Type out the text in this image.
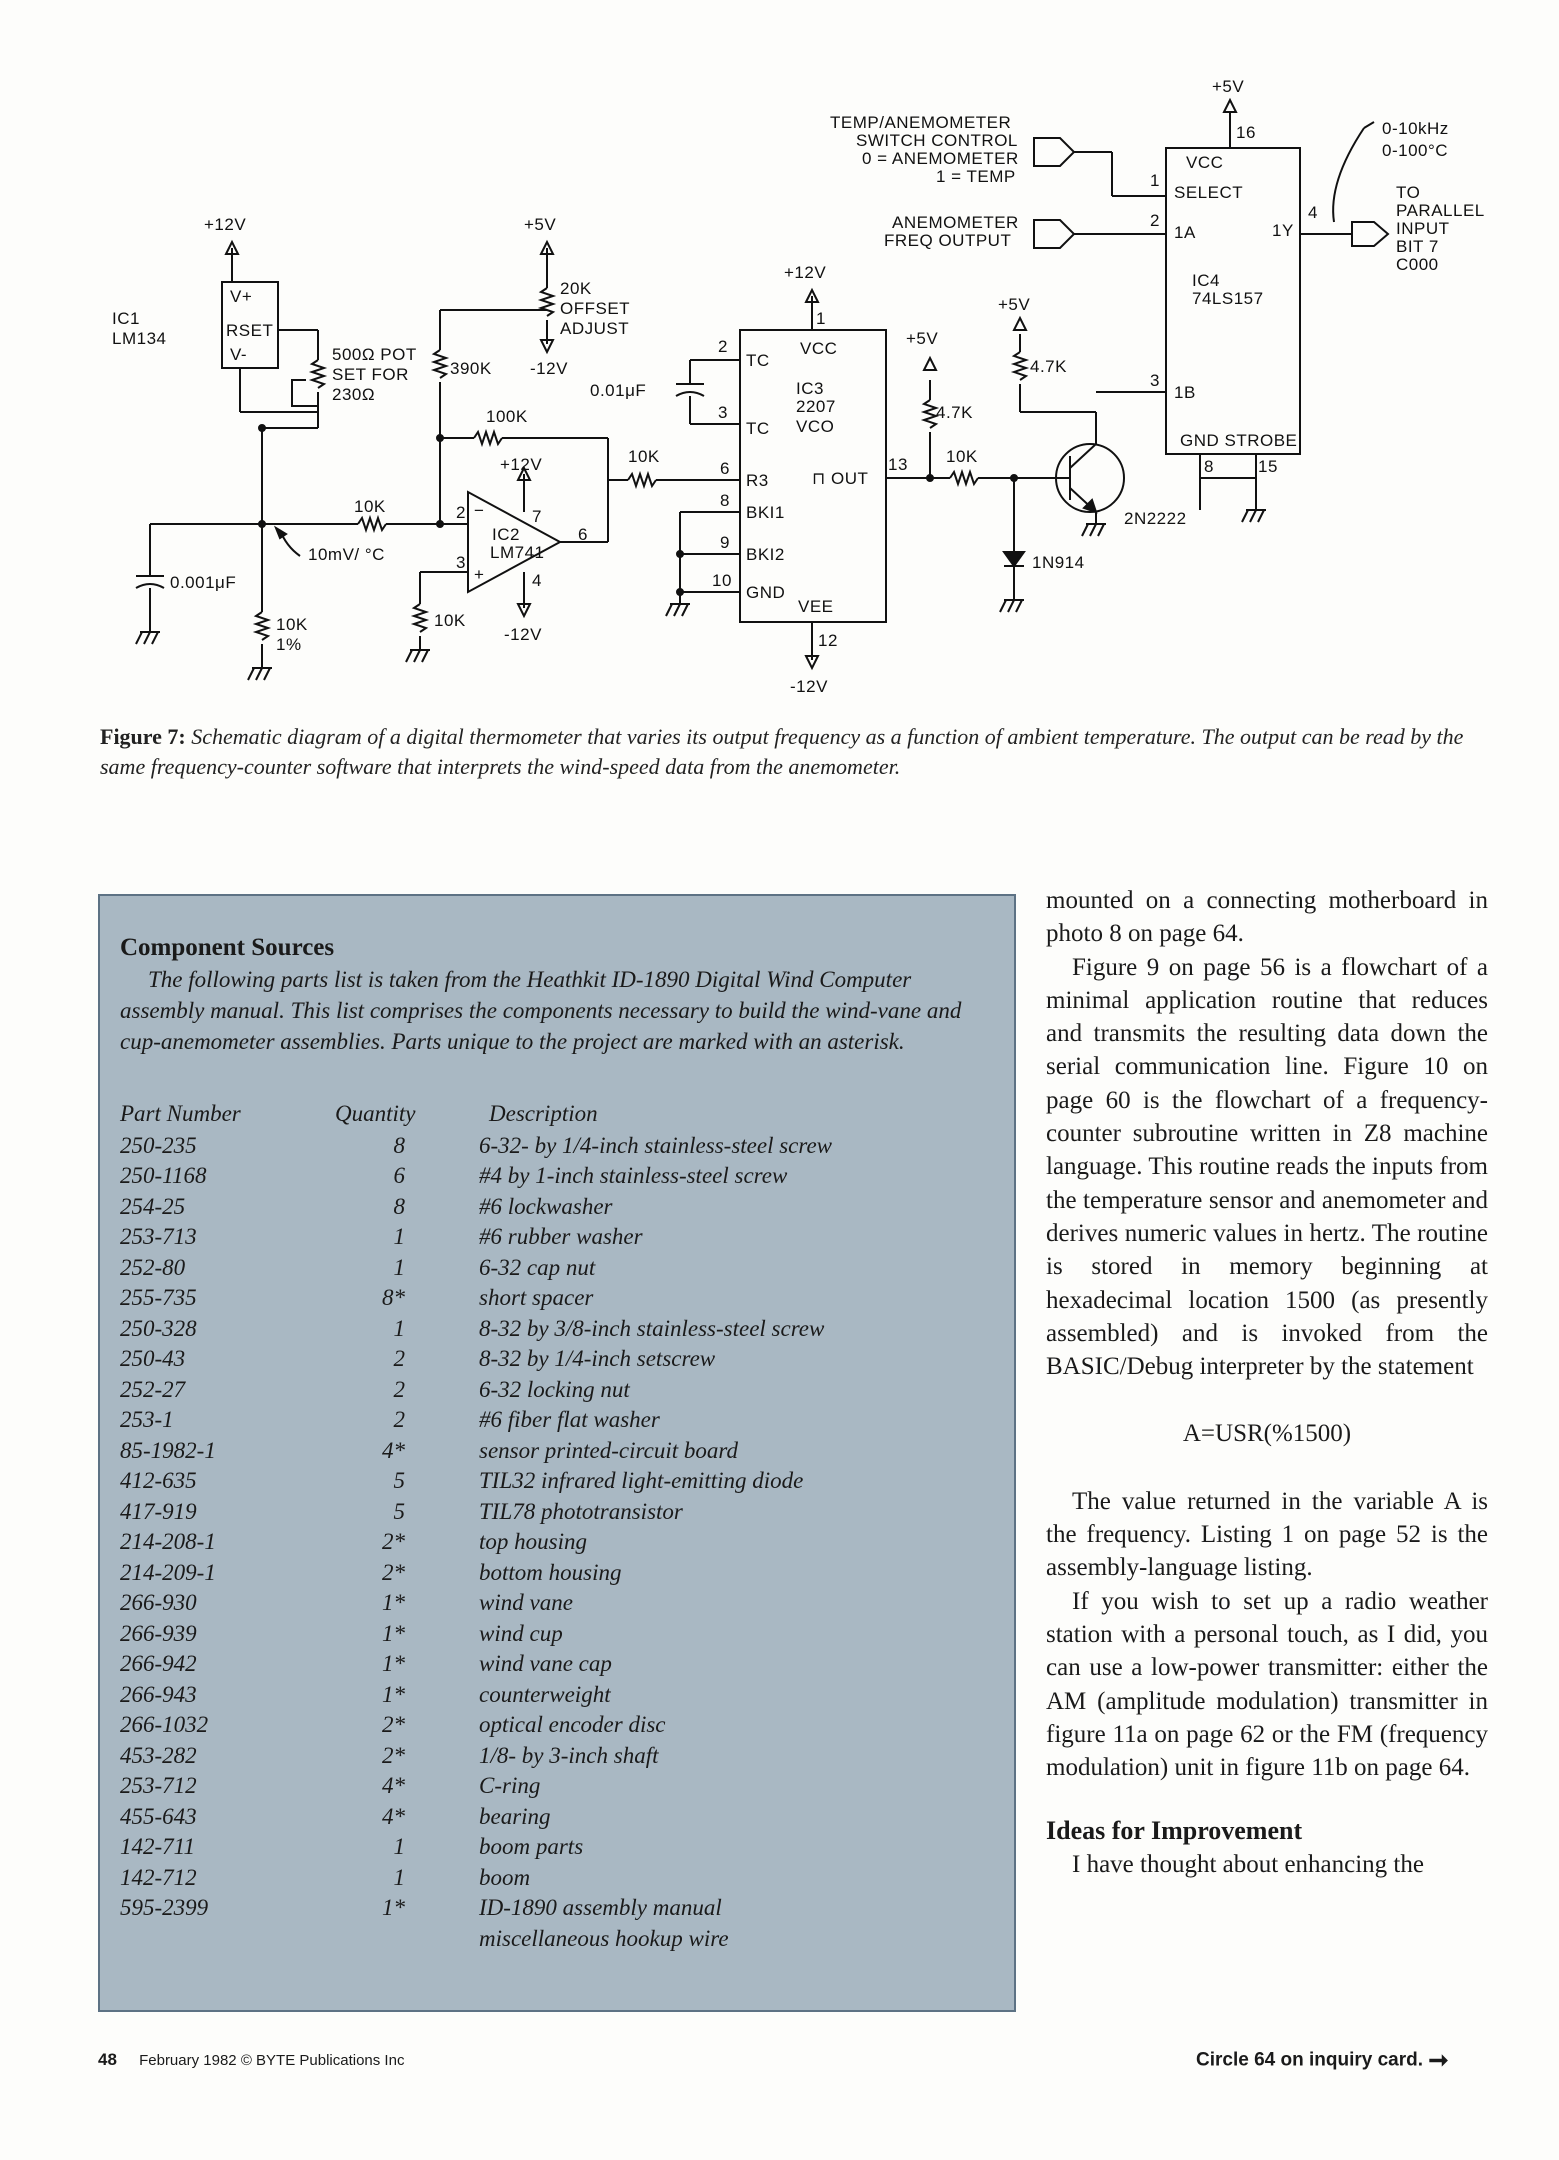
IC1
LM134
V+
RSET
V-
+12V	+5V
+12V
+12V
+5V
+5V
+5V
-12V
-12V
-12V
500Ω POT
SET FOR
230Ω
390K
20K
OFFSET
ADJUST
100K
10K
10K	10K
10K
10K
1%
4.7K
4.7K
0.01μF
0.001μF
10mV/ °C
IC2
LM741
−
+
IC3
2207
VCO
TC
TC
VCC
R3
BKI1
BKI2
GND
VEE
⊓ OUT
TEMP/ANEMOMETER
SWITCH CONTROL
0 = ANEMOMETER
1 = TEMP
ANEMOMETER
FREQ OUTPUT
VCC
SELECT
1A	1Y
1B
IC4
74LS157
GND STROBE
2N2222
1N914
0-10kHz
0-100°C
TO
PARALLEL
INPUT
BIT 7
C000
1
2
3
4
8	15
16
13
12
2
3
4
6
7
1
2
3
6
8
9
10
Figure 7: Schematic diagram of a digital thermometer that varies its output frequency as a function of ambient temperature. The output can be read by the same frequency-counter software that interprets the wind-speed data from the anemometer.
Component Sources

The following parts list is taken from the Heathkit ID-1890 Digital Wind Computer assembly manual. This list comprises the components necessary to build the wind-vane and cup-anemometer assemblies. Parts unique to the project are marked with an asterisk.

Part Number	Quantity	Description
250-235	8	6-32- by 1/4-inch stainless-steel screw
250-1168	6	#4 by 1-inch stainless-steel screw
254-25	8	#6 lockwasher
253-713	1	#6 rubber washer
252-80	1	6-32 cap nut
255-735	8*	short spacer
250-328	1	8-32 by 3/8-inch stainless-steel screw
250-43	2	8-32 by 1/4-inch setscrew
252-27	2	6-32 locking nut
253-1	2	#6 fiber flat washer
85-1982-1	4*	sensor printed-circuit board
412-635	5	TIL32 infrared light-emitting diode
417-919	5	TIL78 phototransistor
214-208-1	2*	top housing
214-209-1	2*	bottom housing
266-930	1*	wind vane
266-939	1*	wind cup
266-942	1*	wind vane cap
266-943	1*	counterweight
266-1032	2*	optical encoder disc
453-282	2*	1/8- by 3-inch shaft
253-712	4*	C-ring
455-643	4*	bearing
142-711	1	boom parts
142-712	1	boom
595-2399	1*	ID-1890 assembly manual
miscellaneous hookup wire

mounted on a connecting motherboard in photo 8 on page 64.

Figure 9 on page 56 is a flowchart of a minimal application routine that reduces and transmits the resulting data down the serial communication line. Figure 10 on page 60 is the flowchart of a frequency-counter subroutine written in Z8 machine language. This routine reads the inputs from the temperature sensor and anemometer and derives numeric values in hertz. The routine is stored in memory beginning at hexadecimal location 1500 (as presently assembled) and is invoked from the BASIC/Debug interpreter by the statement

A=USR(%1500)

The value returned in the variable A is the frequency. Listing 1 on page 52 is the assembly-language listing.

If you wish to set up a radio weather station with a personal touch, as I did, you can use a low-power transmitter: either the AM (amplitude modulation) transmitter in figure 11a on page 62 or the FM (frequency modulation) unit in figure 11b on page 64.

Ideas for Improvement

I have thought about enhancing the

48 February 1982 © BYTE Publications Inc	Circle 64 on inquiry card. ➞
